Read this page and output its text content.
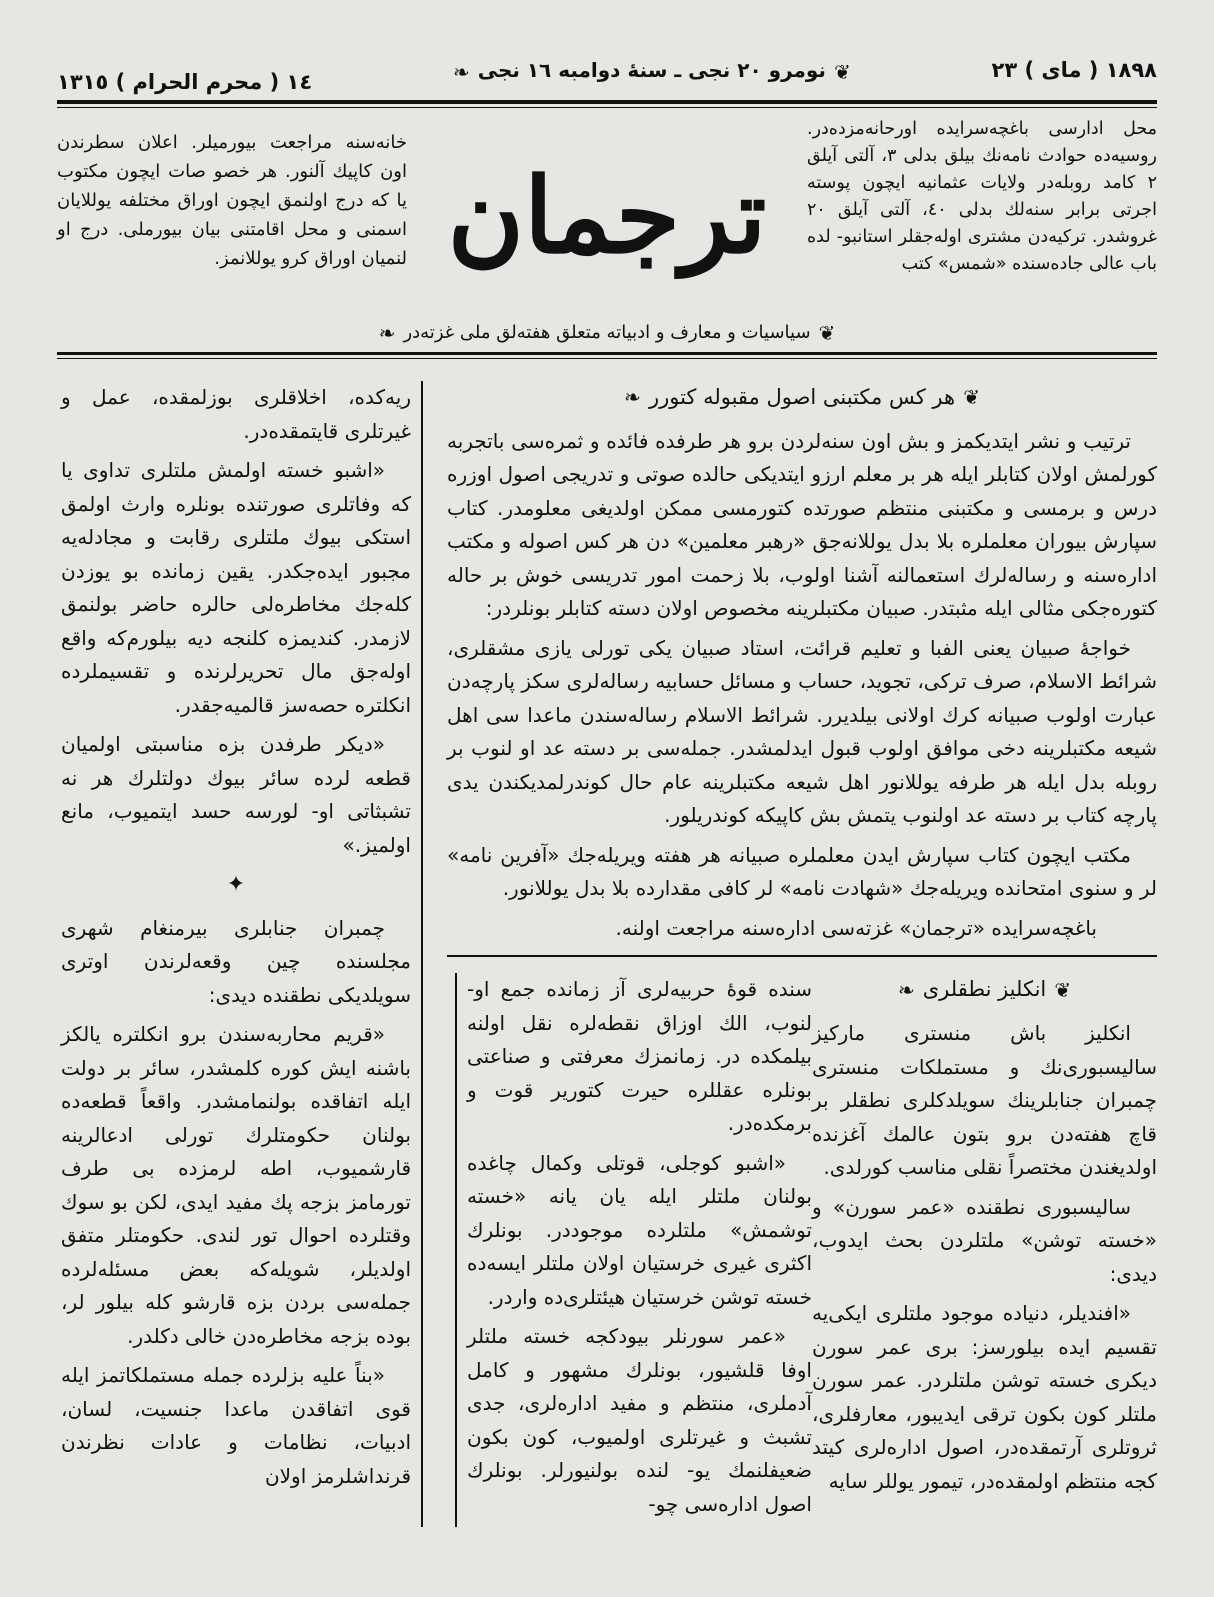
١٨٩٨ ( مای ) ٢٣
❦نومرو ٢٠ نجی ـ سنهٔ دوامبه ١٦ نجی❧
١٤ ( محرم الحرام ) ١٣١٥
محل ادارسی باغچه‌سرایده اورحانه‌مزده‌در. روسیه‌ده حوادث نامه‌نك بیلق بدلی ٣، آلتی آیلق ٢ کامد روبله‌در ولایات عثمانیه ایچون پوسته اجرتی برابر سنه‌لك بدلی ٤٠، آلتی آیلق ٢٠ غروشدر. ترکیه‌دن مشتری اوله‌جقلر استانبو- لده باب عالی جاده‌سنده «شمس» کتب
ترجمان
خانه‌سنه مراجعت بیورمیلر. اعلان سطرندن اون کاپیك آلنور. هر خصو صات ایچون مکتوب یا که درج اولنمق ایچون اوراق مختلفه یوللایان اسمنی و محل اقامتنی بیان بیورملی. درج او لنمیان اوراق کرو یوللانمز.
❦سیاسیات و معارف و ادبیاته متعلق هفته‌لق ملی غزته‌در❧
❦هر کس مکتبنی اصول مقبوله کتورر❧

ترتیب و نشر ایتدیکمز و بش اون سنه‌لردن برو هر طرفده فائده و ثمره‌سی باتجربه کورلمش اولان کتابلر ایله هر بر معلم ارزو ایتدیکی حالده صوتی و تدریجی اصول اوزره درس و برمسی و مکتبنی منتظم صورتده کتورمسی ممکن اولدیغی معلومدر. کتاب سپارش بیوران معلملره بلا بدل یوللانه‌جق «رهبر معلمین» دن هر کس اصوله و مکتب اداره‌سنه و رساله‌لرك استعمالنه آشنا اولوب، بلا زحمت امور تدریسی خوش بر حاله کتوره‌جکی مثالی ایله مثبتدر. صبیان مکتبلرینه مخصوص اولان دسته کتابلر بونلردر:

خواجهٔ صبیان یعنی الفبا و تعلیم قرائت، استاد صبیان یکی تورلی یازی مشقلری، شرائط الاسلام، صرف ترکی، تجوید، حساب و مسائل حسابیه رساله‌لری سکز پارچه‌دن عبارت اولوب صبیانه کرك اولانی بیلدیرر. شرائط الاسلام رساله‌سندن ماعدا سی اهل شیعه مکتبلرینه دخی موافق اولوب قبول ایدلمشدر. جمله‌سی بر دسته عد او لنوب بر روبله بدل ایله هر طرفه یوللانور اهل شیعه مکتبلرینه عام حال کوندرلمدیکندن یدی پارچه کتاب بر دسته عد اولنوب یتمش بش کاپیکه کوندریلور.

مکتب ایچون کتاب سپارش ایدن معلملره صبیانه هر هفته ویریله‌جك «آفرین نامه» لر و سنوی امتحانده ویریله‌جك «شهادت نامه» لر کافی مقدارده بلا بدل یوللانور.

باغچه‌سرایده «ترجمان» غزته‌سی اداره‌سنه مراجعت اولنه.

❦انکلیز نطقلری❧

انکلیز باش منستری مارکیز سالیسبوری‌نك و مستملکات منستری چمبران جنابلرینك سویلدکلری نطقلر بر قاچ هفته‌دن برو بتون عالمك آغزنده اولدیغندن مختصراً نقلی مناسب کورلدی.

سالیسبوری نطقنده «عمر سورن» و «خسته توشن» ملتلردن بحث ایدوب، دیدی:

«افندیلر، دنیاده موجود ملتلری ایکی‌یه تقسیم ایده بیلورسز: بری عمر سورن دیکری خسته توشن ملتلردر. عمر سورن ملتلر کون بکون ترقی ایدیبور، معارفلری، ثروتلری آرتمقده‌در، اصول اداره‌لری کیتد کجه منتظم اولمقده‌در، تیمور یوللر سایه

سنده قوهٔ حربیه‌لری آز زمانده جمع او- لنوب، الك اوزاق نقطه‌لره نقل اولنه بیلمکده در. زمانمزك معرفتی و صناعتی بونلره عقللره حیرت کتوریر قوت و برمکده‌در.

«اشبو کوجلی، قوتلی وکمال چاغده بولنان ملتلر ایله یان یانه «خسته توشمش» ملتلرده موجوددر. بونلرك اکثری غیری خرستیان اولان ملتلر ایسه‌ده خسته توشن خرستیان هیئتلری‌ده واردر.

«عمر سورنلر بیودکجه خسته ملتلر اوفا قلشیور، بونلرك مشهور و کامل آدملری، منتظم و مفید اداره‌لری، جدی تشبث و غیرتلری اولمیوب، کون بکون ضعیفلنمك یو- لنده بولنیورلر. بونلرك اصول اداره‌سی چو-

ریه‌کده، اخلاقلری بوزلمقده، عمل و غیرتلری قایتمقده‌در.

«اشبو خسته اولمش ملتلری تداوی یا که وفاتلری صورتنده بونلره وارث اولمق استکی بیوك ملتلری رقابت و مجادله‌یه مجبور ایده‌جکدر. یقین زمانده بو یوزدن کله‌جك مخاطره‌لی حالره حاضر بولنمق لازمدر. کندیمزه کلنجه دیه بیلورم‌که واقع اوله‌جق مال تحریرلرنده و تقسیملرده انکلتره حصه‌سز قالمیه‌جقدر.

«دیکر طرفدن بزه مناسبتی اولمیان قطعه لرده سائر بیوك دولتلرك هر نه تشبثاتی او- لورسه حسد ایتمیوب، مانع اولمیز.»

✦

چمبران جنابلری بیرمنغام شهری مجلسنده چین وقعه‌لرندن اوتری سویلدیکی نطقنده دیدی:

«قریم محاربه‌سندن برو انکلتره یالکز باشنه ایش کوره کلمشدر، سائر بر دولت ایله اتفاقده بولنمامشدر. واقعاً قطعه‌ده بولنان حکومتلرك تورلی ادعالرینه قارشمیوب، اطه لرمزده بی طرف تورمامز بزجه پك مفید ایدی، لکن بو سوك وقتلرده احوال تور لندی. حکومتلر متفق اولدیلر، شویله‌که بعض مسئله‌لرده جمله‌سی بردن بزه قارشو کله بیلور لر، بوده بزجه مخاطره‌دن خالی دکلدر.

«بناً علیه بزلرده جمله مستملکاتمز ایله قوی اتفاقدن ماعدا جنسیت، لسان، ادبیات، نظامات و عادات نظرندن قرنداشلرمز اولان
